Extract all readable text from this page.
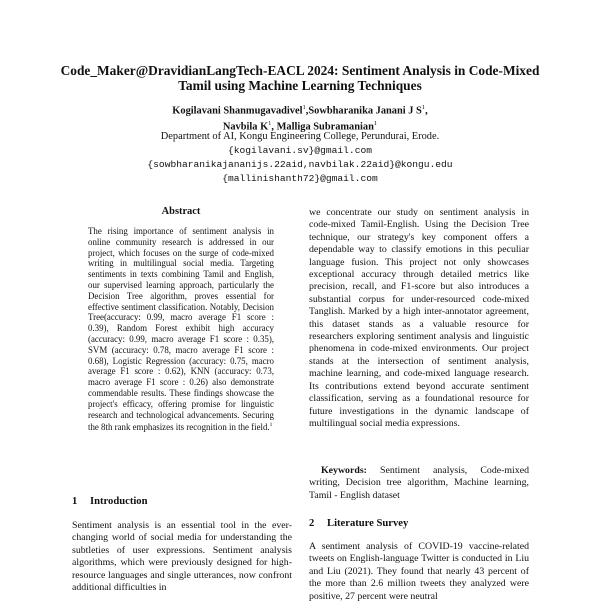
Code_Maker@DravidianLangTech-EACL 2024: Sentiment Analysis in Code-Mixed Tamil using Machine Learning Techniques
Kogilavani Shanmugavadivel$^1$,Sowbharanika Janani J $S^1$,
Navbila $K^1$, Malliga Subramanian$^1$
Department of AI, Kongu Engineering College, Perundurai, Erode.
{kogilavani.sv}@gmail.com
{sowbharanikajananijs.22aid,navbilak.22aid}@kongu.edu
{mallinishanth72}@gmail.com
Abstract
The rising importance of sentiment analysis in online community research is addressed in our project, which focuses on the surge of code-mixed writing in multilingual social media. Targeting sentiments in texts combining Tamil and English, our supervised learning approach, particularly the Decision Tree algorithm, proves essential for effective sentiment classification. Notably, Decision Tree(accuracy: 0.99, macro average F1 score : 0.39), Random Forest exhibit high accuracy (accuracy: 0.99, macro average F1 score : 0.35), SVM (accuracy: 0.78, macro average F1 score : 0.68), Logistic Regression (accuracy: 0.75, macro average F1 score : 0.62), KNN (accuracy: 0.73, macro average F1 score : 0.26) also demonstrate commendable results. These findings showcase the project's efficacy, offering promise for linguistic research and technological advancements. Securing the 8th rank emphasizes its recognition in the field.$^1$
1 Introduction
Sentiment analysis is an essential tool in the ever-changing world of social media for understanding the subtleties of user expressions. Sentiment analysis algorithms, which were previously designed for high-resource languages and single utterances, now confront additional difficulties in
we concentrate our study on sentiment analysis in code-mixed Tamil-English. Using the Decision Tree technique, our strategy's key component offers a dependable way to classify emotions in this peculiar language fusion. This project not only showcases exceptional accuracy through detailed metrics like precision, recall, and F1-score but also introduces a substantial corpus for under-resourced code-mixed Tanglish. Marked by a high inter-annotator agreement, this dataset stands as a valuable resource for researchers exploring sentiment analysis and linguistic phenomena in code-mixed environments. Our project stands at the intersection of sentiment analysis, machine learning, and code-mixed language research. Its contributions extend beyond accurate sentiment classification, serving as a foundational resource for future investigations in the dynamic landscape of multilingual social media expressions.
Keywords: Sentiment analysis, Code-mixed writing, Decision tree algorithm, Machine learning, Tamil - English dataset
2 Literature Survey
A sentiment analysis of COVID-19 vaccine-related tweets on English-language Twitter is conducted in Liu and Liu (2021). They found that nearly 43 percent of the more than 2.6 million tweets they analyzed were positive, 27 percent were neutral
